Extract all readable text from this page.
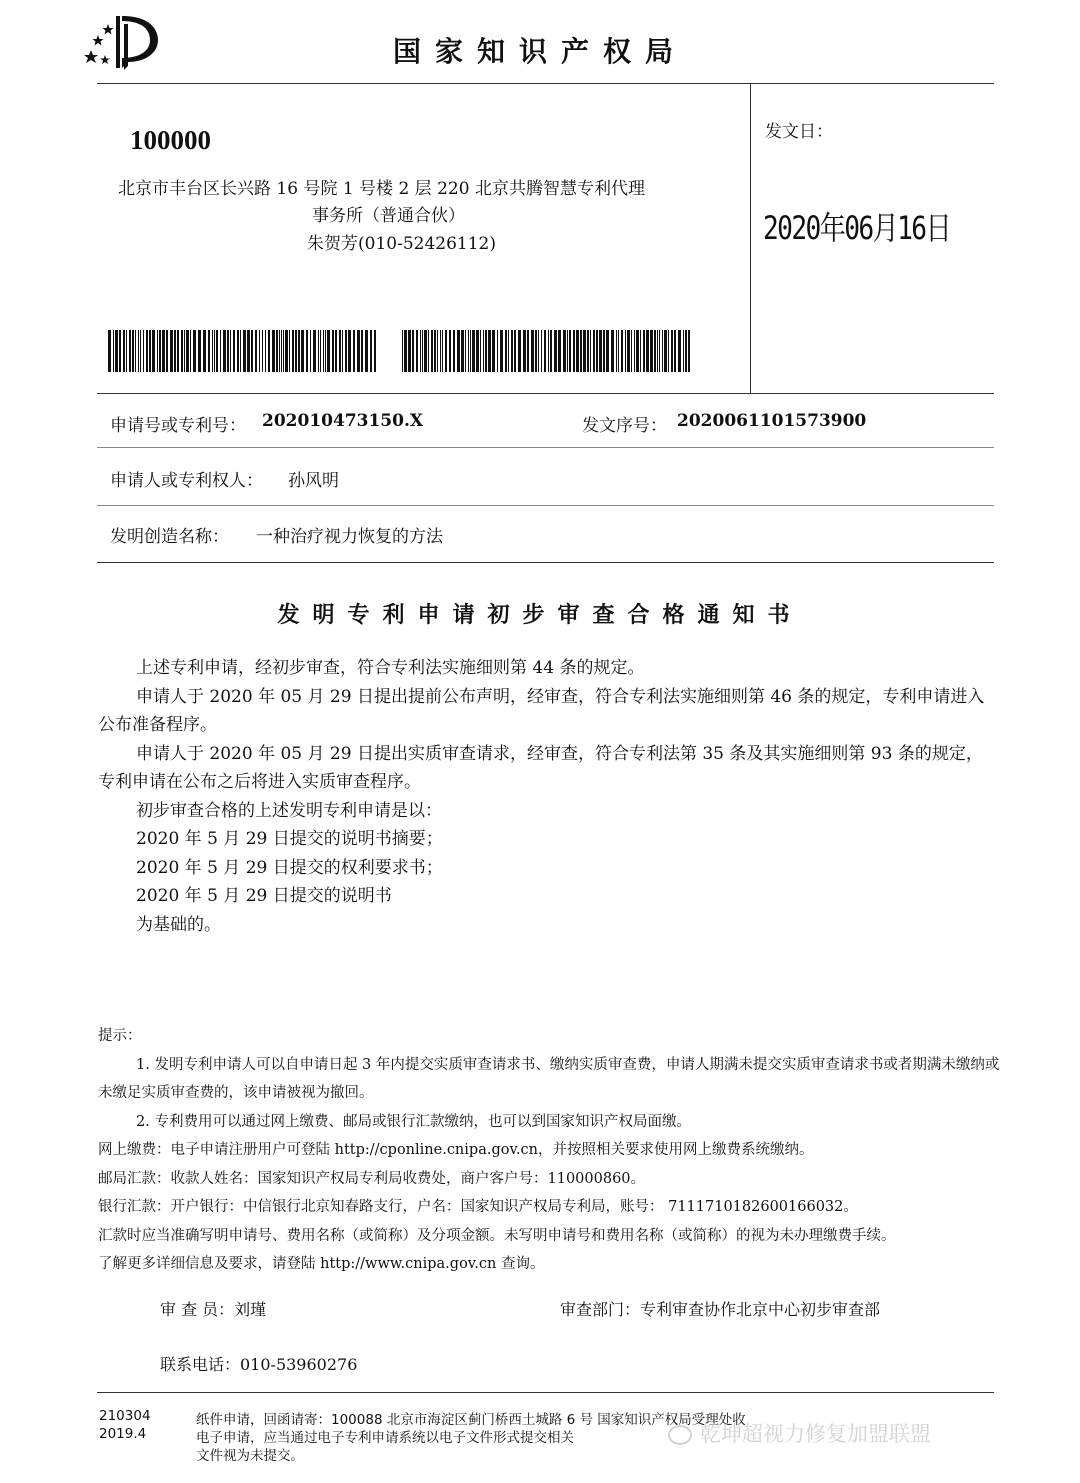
国家知识产权局
100000
北京市丰台区长兴路 16 号院 1 号楼 2 层 220 北京共腾智慧专利代理
事务所（普通合伙）
朱贺芳(010-52426112)
发文日：
2020年06月16日
申请号或专利号： 202010473150.X	发文序号： 2020061101573900
申请人或专利权人： 孙风明
发明创造名称： 一种治疗视力恢复的方法
发明专利申请初步审查合格通知书

上述专利申请，经初步审查，符合专利法实施细则第 44 条的规定。

申请人于 2020 年 05 月 29 日提出提前公布声明，经审查，符合专利法实施细则第 46 条的规定，专利申请进入公布准备程序。

申请人于 2020 年 05 月 29 日提出实质审查请求，经审查，符合专利法第 35 条及其实施细则第 93 条的规定，专利申请在公布之后将进入实质审查程序。

初步审查合格的上述发明专利申请是以：

2020 年 5 月 29 日提交的说明书摘要；

2020 年 5 月 29 日提交的权利要求书；

2020 年 5 月 29 日提交的说明书

为基础的。

提示：

1. 发明专利申请人可以自申请日起 3 年内提交实质审查请求书、缴纳实质审查费，申请人期满未提交实质审查请求书或者期满未缴纳或未缴足实质审查费的，该申请被视为撤回。

2. 专利费用可以通过网上缴费、邮局或银行汇款缴纳，也可以到国家知识产权局面缴。

网上缴费：电子申请注册用户可登陆 http://cponline.cnipa.gov.cn，并按照相关要求使用网上缴费系统缴纳。

邮局汇款：收款人姓名：国家知识产权局专利局收费处，商户客户号：110000860。

银行汇款：开户银行：中信银行北京知春路支行，户名：国家知识产权局专利局，账号： 7111710182600166032。

汇款时应当准确写明申请号、费用名称（或简称）及分项金额。未写明申请号和费用名称（或简称）的视为未办理缴费手续。

了解更多详细信息及要求，请登陆 http://www.cnipa.gov.cn 查询。

审 查 员：刘瑾	审查部门：专利审查协作北京中心初步审查部
联系电话：010-53960276
210304
2019.4
纸件申请，回函请寄：100088 北京市海淀区蓟门桥西土城路 6 号 国家知识产权局受理处收
电子申请，应当通过电子专利申请系统以电子文件形式提交相关
文件视为未提交。
乾坤超视力修复加盟联盟
